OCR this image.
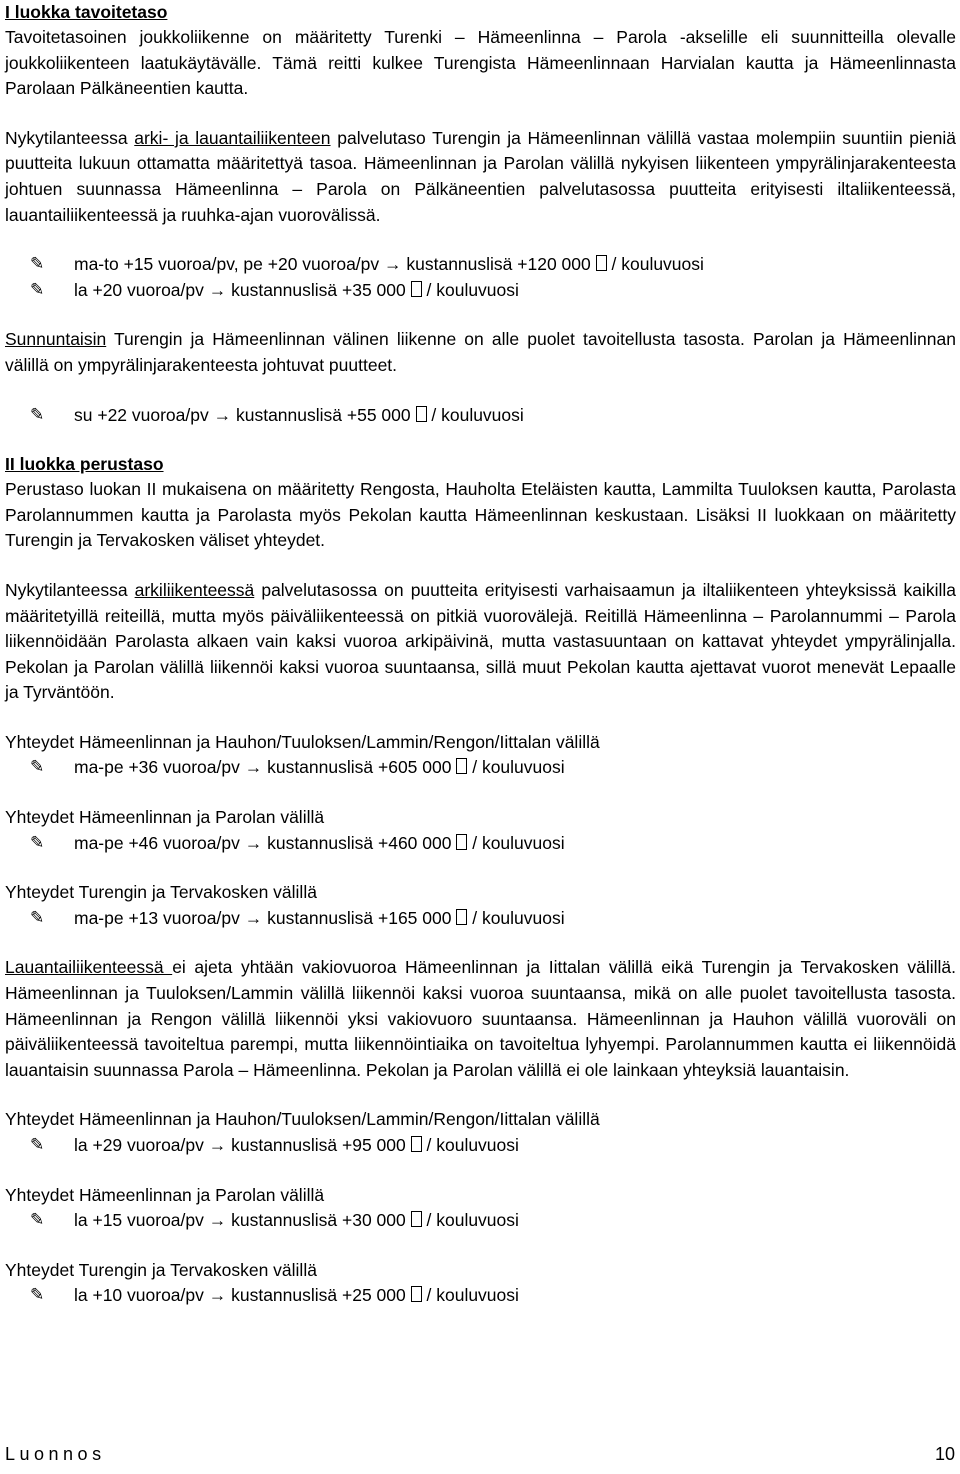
I luokka tavoitetaso

Tavoitetasoinen joukkoliikenne on määritetty Turenki – Hämeenlinna – Parola -akselille eli suunnitteilla olevalle joukkoliikenteen laatukäytävälle. Tämä reitti kulkee Turengista Hämeenlinnaan Harvialan kautta ja Hämeenlinnasta Parolaan Pälkäneentien kautta.

Nykytilanteessa arki- ja lauantailiikenteen palvelutaso Turengin ja Hämeenlinnan välillä vastaa molempiin suuntiin pieniä puutteita lukuun ottamatta määritettyä tasoa. Hämeenlinnan ja Parolan välillä nykyisen liikenteen ympyrälinjarakenteesta johtuen suunnassa Hämeenlinna – Parola on Pälkäneentien palvelutasossa puutteita erityisesti iltaliikenteessä, lauantailiikenteessä ja ruuhka-ajan vuorovälissä.

✎ ma-to +15 vuoroa/pv, pe +20 vuoroa/pv → kustannuslisä +120 000 / kouluvuosi
✎ la +20 vuoroa/pv → kustannuslisä +35 000 / kouluvuosi

Sunnuntaisin Turengin ja Hämeenlinnan välinen liikenne on alle puolet tavoitellusta tasosta. Parolan ja Hämeenlinnan välillä on ympyrälinjarakenteesta johtuvat puutteet.

✎ su +22 vuoroa/pv → kustannuslisä +55 000 / kouluvuosi

II luokka perustaso

Perustaso luokan II mukaisena on määritetty Rengosta, Hauholta Eteläisten kautta, Lammilta Tuuloksen kautta, Parolasta Parolannummen kautta ja Parolasta myös Pekolan kautta Hämeenlinnan keskustaan. Lisäksi II luokkaan on määritetty Turengin ja Tervakosken väliset yhteydet.

Nykytilanteessa arkiliikenteessä palvelutasossa on puutteita erityisesti varhaisaamun ja iltaliikenteen yhteyksissä kaikilla määritetyillä reiteillä, mutta myös päiväliikenteessä on pitkiä vuorovälejä. Reitillä Hämeenlinna – Parolannummi – Parola liikennöidään Parolasta alkaen vain kaksi vuoroa arkipäivinä, mutta vastasuuntaan on kattavat yhteydet ympyrälinjalla. Pekolan ja Parolan välillä liikennöi kaksi vuoroa suuntaansa, sillä muut Pekolan kautta ajettavat vuorot menevät Lepaalle ja Tyrväntöön.

Yhteydet Hämeenlinnan ja Hauhon/Tuuloksen/Lammin/Rengon/Iittalan välillä

✎ ma-pe +36 vuoroa/pv → kustannuslisä +605 000 / kouluvuosi

Yhteydet Hämeenlinnan ja Parolan välillä

✎ ma-pe +46 vuoroa/pv → kustannuslisä +460 000 / kouluvuosi

Yhteydet Turengin ja Tervakosken välillä

✎ ma-pe +13 vuoroa/pv → kustannuslisä +165 000 / kouluvuosi

Lauantailiikenteessä ei ajeta yhtään vakiovuoroa Hämeenlinnan ja Iittalan välillä eikä Turengin ja Tervakosken välillä. Hämeenlinnan ja Tuuloksen/Lammin välillä liikennöi kaksi vuoroa suuntaansa, mikä on alle puolet tavoitellusta tasosta. Hämeenlinnan ja Rengon välillä liikennöi yksi vakiovuoro suuntaansa. Hämeenlinnan ja Hauhon välillä vuoroväli on päiväliikenteessä tavoiteltua parempi, mutta liikennöintiaika on tavoiteltua lyhyempi. Parolannummen kautta ei liikennöidä lauantaisin suunnassa Parola – Hämeenlinna. Pekolan ja Parolan välillä ei ole lainkaan yhteyksiä lauantaisin.

Yhteydet Hämeenlinnan ja Hauhon/Tuuloksen/Lammin/Rengon/Iittalan välillä

✎ la +29 vuoroa/pv → kustannuslisä +95 000 / kouluvuosi

Yhteydet Hämeenlinnan ja Parolan välillä

✎ la +15 vuoroa/pv → kustannuslisä +30 000 / kouluvuosi

Yhteydet Turengin ja Tervakosken välillä

✎ la +10 vuoroa/pv → kustannuslisä +25 000 / kouluvuosi
Luonnos	10
